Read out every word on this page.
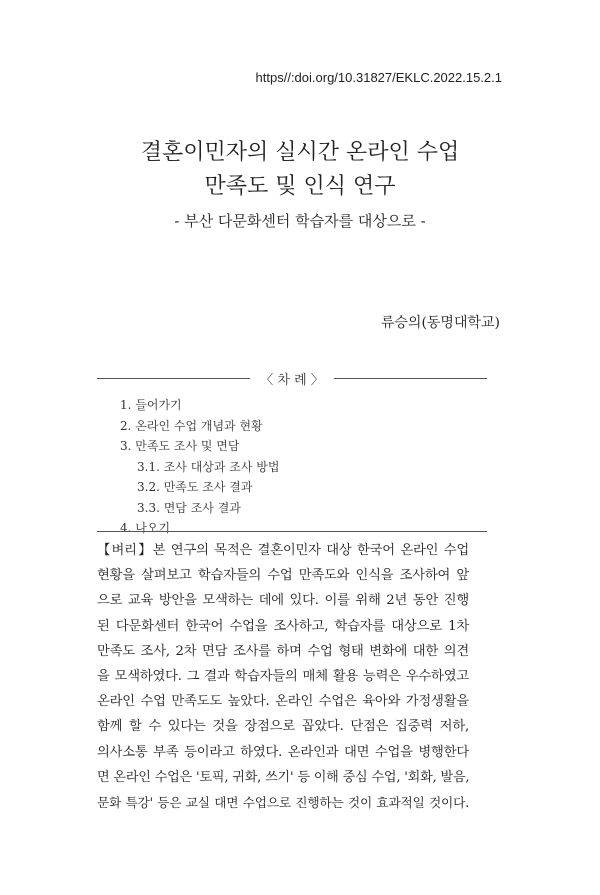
https//:doi.org/10.31827/EKLC.2022.15.2.1
결혼이민자의 실시간 온라인 수업
만족도 및 인식 연구
- 부산 다문화센터 학습자를 대상으로 -
류승의(동명대학교)
〈 차 례 〉
1. 들어가기
2. 온라인 수업 개념과 현황
3. 만족도 조사 및 면담
3.1. 조사 대상과 조사 방법
3.2. 만족도 조사 결과
3.3. 면담 조사 결과
4. 나오기
【벼리】본 연구의 목적은 결혼이민자 대상 한국어 온라인 수업
현황을 살펴보고 학습자들의 수업 만족도와 인식을 조사하여 앞
으로 교육 방안을 모색하는 데에 있다. 이를 위해 2년 동안 진행
된 다문화센터 한국어 수업을 조사하고, 학습자를 대상으로 1차
만족도 조사, 2차 면담 조사를 하며 수업 형태 변화에 대한 의견
을 모색하였다. 그 결과 학습자들의 매체 활용 능력은 우수하였고
온라인 수업 만족도도 높았다. 온라인 수업은 육아와 가정생활을
함께 할 수 있다는 것을 장점으로 꼽았다. 단점은 집중력 저하,
의사소통 부족 등이라고 하였다. 온라인과 대면 수업을 병행한다
면 온라인 수업은 '토픽, 귀화, 쓰기' 등 이해 중심 수업, '회화, 발음,
문화 특강' 등은 교실 대면 수업으로 진행하는 것이 효과적일 것이다.
